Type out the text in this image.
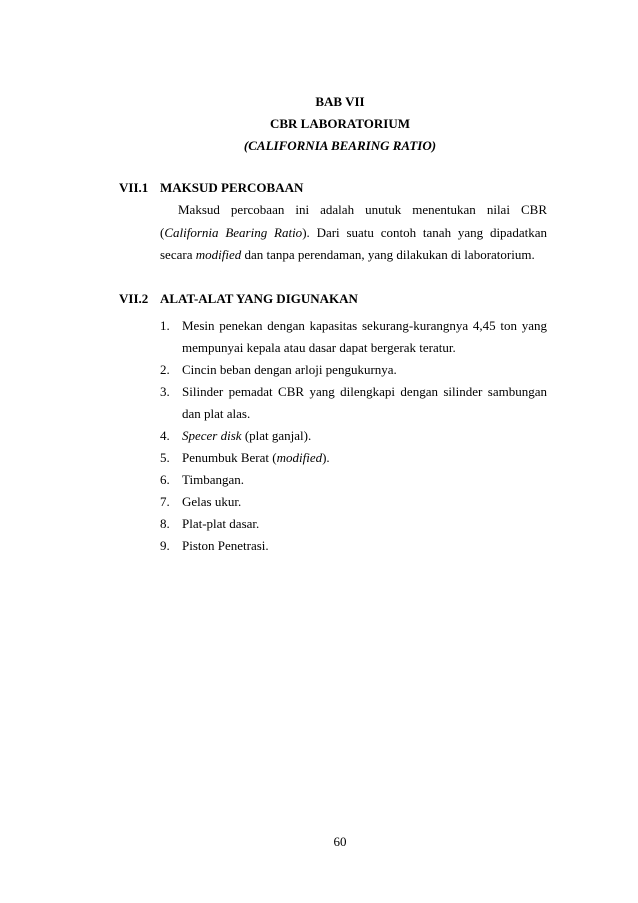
BAB VII
CBR LABORATORIUM
(CALIFORNIA BEARING RATIO)
VII.1 MAKSUD PERCOBAAN
Maksud percobaan ini adalah unutuk menentukan nilai CBR (California Bearing Ratio). Dari suatu contoh tanah yang dipadatkan secara modified dan tanpa perendaman, yang dilakukan di laboratorium.
VII.2 ALAT-ALAT YANG DIGUNAKAN
1. Mesin penekan dengan kapasitas sekurang-kurangnya 4,45 ton yang mempunyai kepala atau dasar dapat bergerak teratur.
2. Cincin beban dengan arloji pengukurnya.
3. Silinder pemadat CBR yang dilengkapi dengan silinder sambungan dan plat alas.
4. Specer disk (plat ganjal).
5. Penumbuk Berat (modified).
6. Timbangan.
7. Gelas ukur.
8. Plat-plat dasar.
9. Piston Penetrasi.
60
